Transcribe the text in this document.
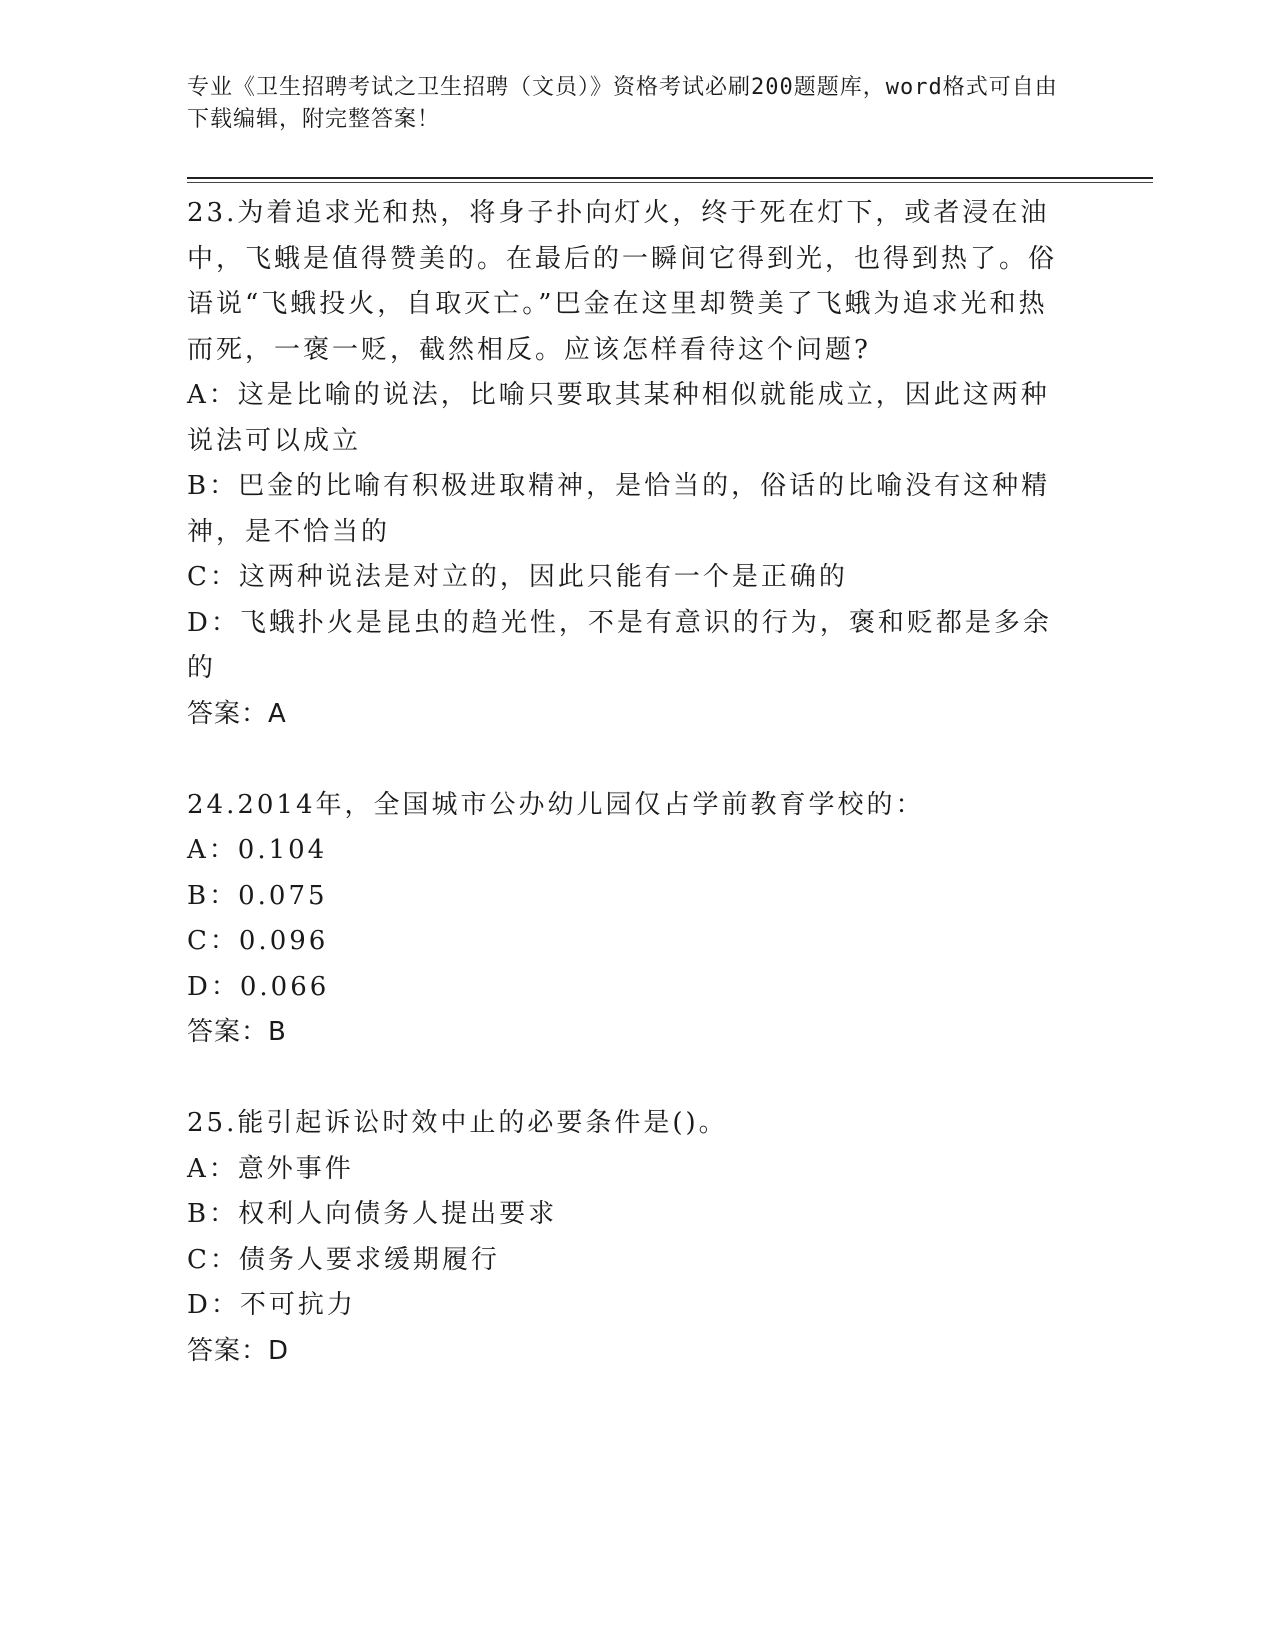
专业《卫生招聘考试之卫生招聘（文员）》资格考试必刷200题题库，word格式可自由下载编辑，附完整答案！
23.为着追求光和热，将身子扑向灯火，终于死在灯下，或者浸在油中，飞蛾是值得赞美的。在最后的一瞬间它得到光，也得到热了。俗语说“飞蛾投火，自取灭亡。”巴金在这里却赞美了飞蛾为追求光和热而死，一褒一贬，截然相反。应该怎样看待这个问题?
A：这是比喻的说法，比喻只要取其某种相似就能成立，因此这两种说法可以成立
B：巴金的比喻有积极进取精神，是恰当的，俗话的比喻没有这种精神，是不恰当的
C：这两种说法是对立的，因此只能有一个是正确的
D：飞蛾扑火是昆虫的趋光性，不是有意识的行为，褒和贬都是多余的
答案：A
24.2014年，全国城市公办幼儿园仅占学前教育学校的：
A：0.104
B：0.075
C：0.096
D：0.066
答案：B
25.能引起诉讼时效中止的必要条件是()。
A：意外事件
B：权利人向债务人提出要求
C：债务人要求缓期履行
D：不可抗力
答案：D
